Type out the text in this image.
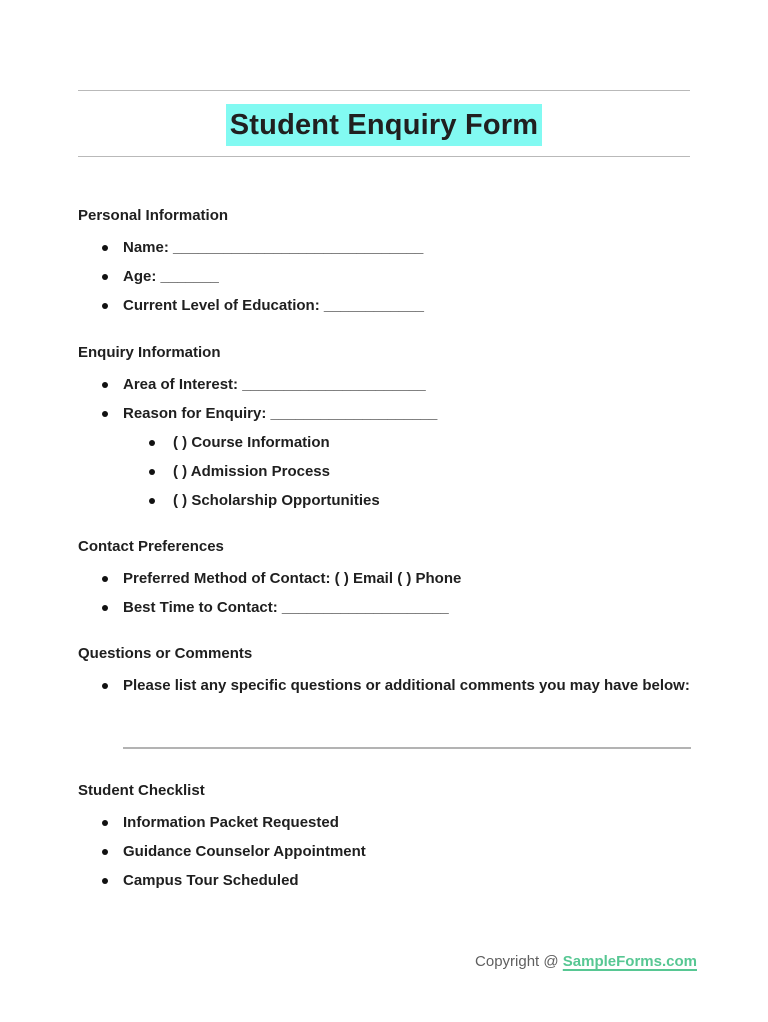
Student Enquiry Form
Personal Information
Name: ______________________________
Age: _______
Current Level of Education: ____________
Enquiry Information
Area of Interest: ______________________
Reason for Enquiry: ____________________
( ) Course Information
( ) Admission Process
( ) Scholarship Opportunities
Contact Preferences
Preferred Method of Contact: ( ) Email ( ) Phone
Best Time to Contact: ____________________
Questions or Comments
Please list any specific questions or additional comments you may have below:
Student Checklist
Information Packet Requested
Guidance Counselor Appointment
Campus Tour Scheduled
Copyright @ SampleForms.com
